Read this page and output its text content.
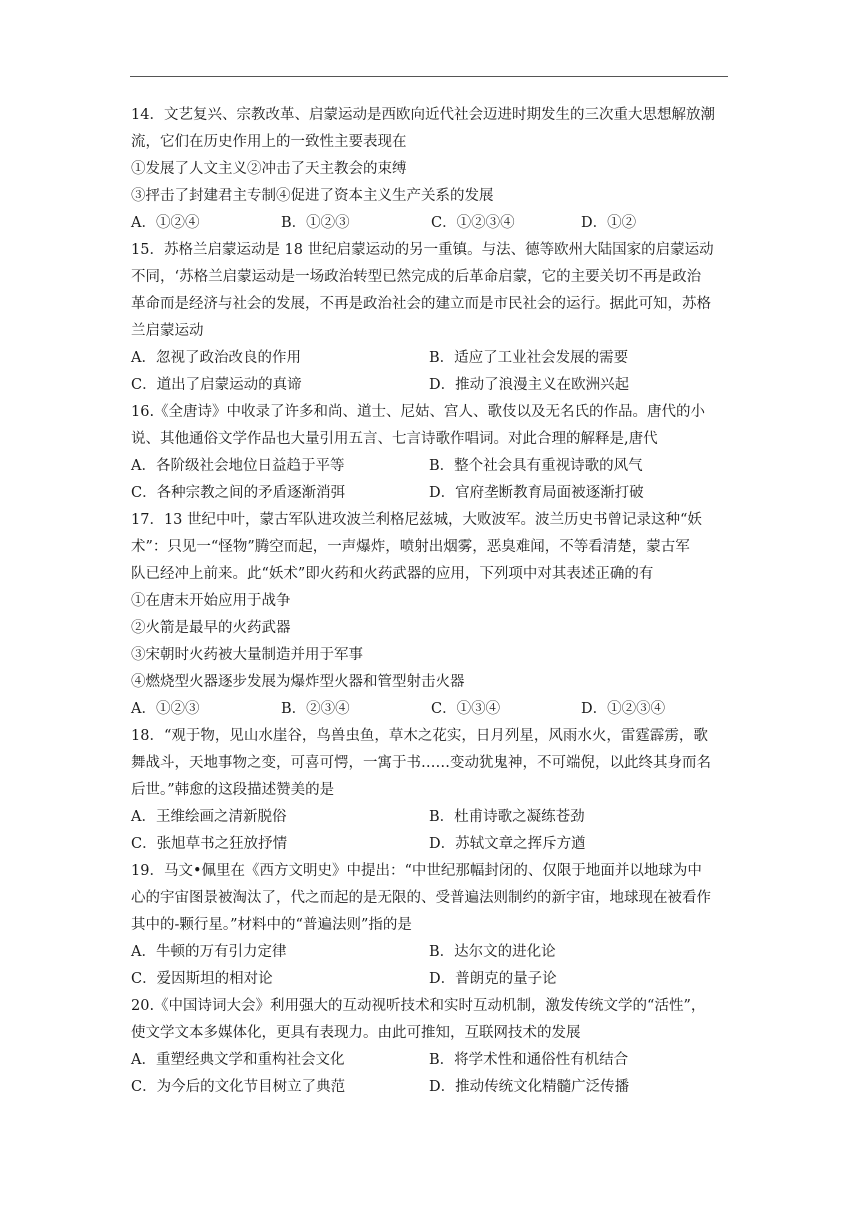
14．文艺复兴、宗教改革、启蒙运动是西欧向近代社会迈进时期发生的三次重大思想解放潮
流，它们在历史作用上的一致性主要表现在
①发展了人文主义②冲击了天主教会的束缚
③抨击了封建君主专制④促进了资本主义生产关系的发展
A．①②④	B．①②③	C．①②③④	D．①②
15．苏格兰启蒙运动是 18 世纪启蒙运动的另一重镇。与法、德等欧州大陆国家的启蒙运动
不同，‘苏格兰启蒙运动是一场政治转型已然完成的后革命启蒙，它的主要关切不再是政治
革命而是经济与社会的发展，不再是政治社会的建立而是市民社会的运行。据此可知，苏格
兰启蒙运动
A．忽视了政治改良的作用	B．适应了工业社会发展的需要
C．道出了启蒙运动的真谛	D．推动了浪漫主义在欧洲兴起
16.《全唐诗》中收录了许多和尚、道士、尼姑、宫人、歌伎以及无名氏的作品。唐代的小
说、其他通俗文学作品也大量引用五言、七言诗歌作唱词。对此合理的解释是,唐代
A．各阶级社会地位日益趋于平等	B．整个社会具有重视诗歌的风气
C．各种宗教之间的矛盾逐渐消弭	D．官府垄断教育局面被逐渐打破
17．13 世纪中叶，蒙古军队进攻波兰利格尼兹城，大败波军。波兰历史书曾记录这种“妖
术”：只见一“怪物”腾空而起，一声爆炸，喷射出烟雾，恶臭难闻，不等看清楚，蒙古军
队已经冲上前来。此“妖术”即火药和火药武器的应用，下列项中对其表述正确的有
①在唐末开始应用于战争
②火箭是最早的火药武器
③宋朝时火药被大量制造并用于军事
④燃烧型火器逐步发展为爆炸型火器和管型射击火器
A．①②③	B．②③④	C．①③④	D．①②③④
18．“观于物，见山水崖谷，鸟兽虫鱼，草木之花实，日月列星，风雨水火，雷霆霹雳，歌
舞战斗，天地事物之变，可喜可愕，一寓于书……变动犹鬼神，不可端倪，以此终其身而名
后世。”韩愈的这段描述赞美的是
A．王维绘画之清新脱俗	B．杜甫诗歌之凝练苍劲
C．张旭草书之狂放抒情	D．苏轼文章之挥斥方遒
19．马文•佩里在《西方文明史》中提出：“中世纪那幅封闭的、仅限于地面并以地球为中
心的宇宙图景被淘汰了，代之而起的是无限的、受普遍法则制约的新宇宙，地球现在被看作
其中的-颗行星。”材料中的“普遍法则”指的是
A．牛顿的万有引力定律	B．达尔文的进化论
C．爱因斯坦的相对论	D．普朗克的量子论
20.《中国诗词大会》利用强大的互动视听技术和实时互动机制，激发传统文学的“活性”，
使文学文本多媒体化，更具有表现力。由此可推知，互联网技术的发展
A．重塑经典文学和重构社会文化	B．将学术性和通俗性有机结合
C．为今后的文化节目树立了典范	D．推动传统文化精髓广泛传播
